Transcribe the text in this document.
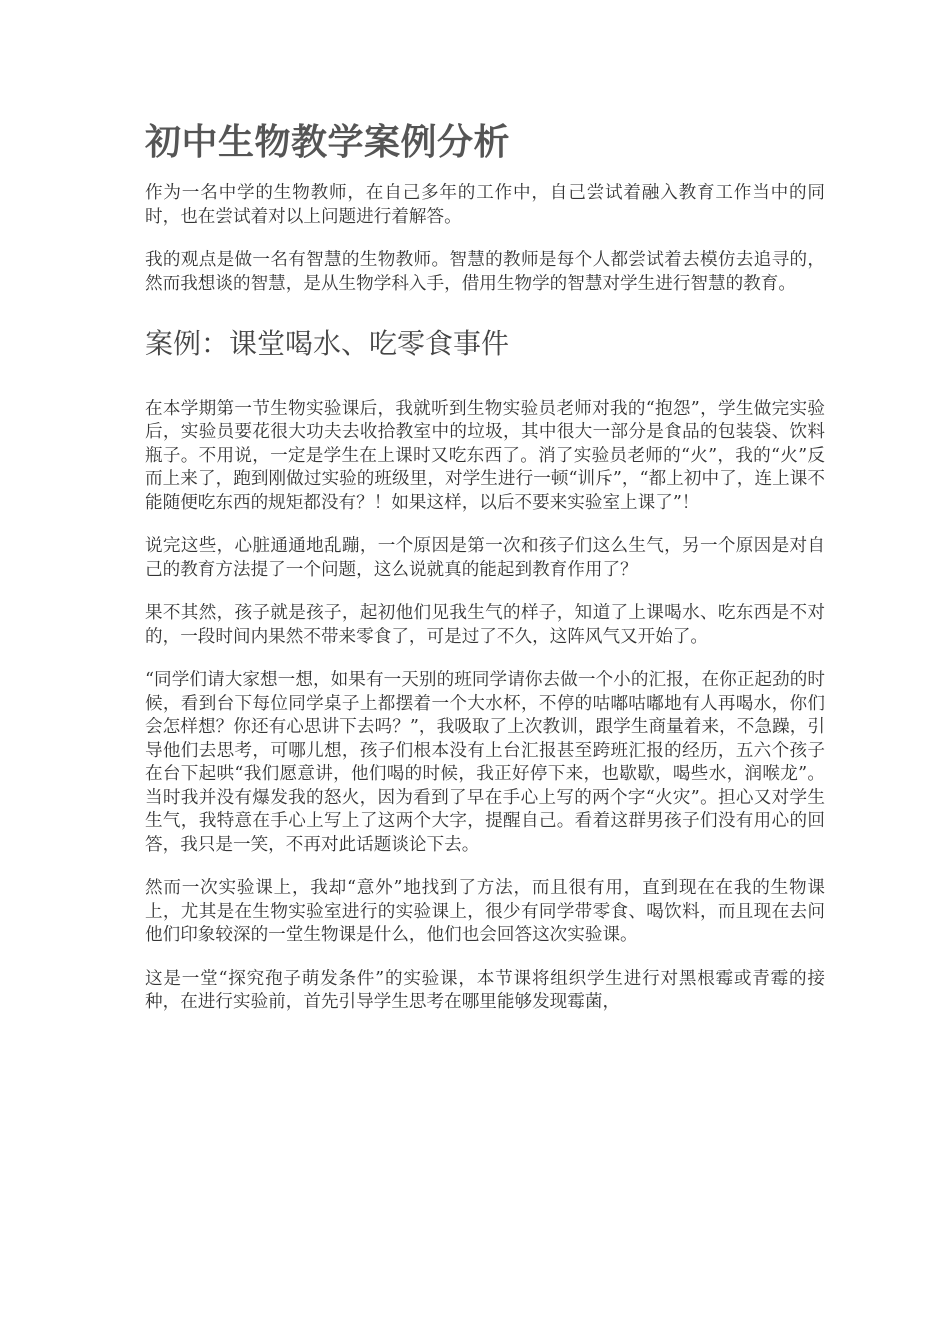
初中生物教学案例分析

作为一名中学的生物教师，在自己多年的工作中，自己尝试着融入教育工作当中的同时，也在尝试着对以上问题进行着解答。

我的观点是做一名有智慧的生物教师。智慧的教师是每个人都尝试着去模仿去追寻的，然而我想谈的智慧，是从生物学科入手，借用生物学的智慧对学生进行智慧的教育。

案例：课堂喝水、吃零食事件

在本学期第一节生物实验课后，我就听到生物实验员老师对我的“抱怨”，学生做完实验后，实验员要花很大功夫去收拾教室中的垃圾，其中很大一部分是食品的包装袋、饮料瓶子。不用说，一定是学生在上课时又吃东西了。消了实验员老师的“火”，我的“火”反而上来了，跑到刚做过实验的班级里，对学生进行一顿“训斥”，“都上初中了，连上课不能随便吃东西的规矩都没有？！如果这样，以后不要来实验室上课了”！

说完这些，心脏通通地乱蹦，一个原因是第一次和孩子们这么生气，另一个原因是对自己的教育方法提了一个问题，这么说就真的能起到教育作用了？

果不其然，孩子就是孩子，起初他们见我生气的样子，知道了上课喝水、吃东西是不对的，一段时间内果然不带来零食了，可是过了不久，这阵风气又开始了。

“同学们请大家想一想，如果有一天别的班同学请你去做一个小的汇报，在你正起劲的时候，看到台下每位同学桌子上都摆着一个大水杯，不停的咕嘟咕嘟地有人再喝水，你们会怎样想？你还有心思讲下去吗？”，我吸取了上次教训，跟学生商量着来，不急躁，引导他们去思考，可哪儿想，孩子们根本没有上台汇报甚至跨班汇报的经历，五六个孩子在台下起哄“我们愿意讲，他们喝的时候，我正好停下来，也歇歇，喝些水，润喉龙”。当时我并没有爆发我的怒火，因为看到了早在手心上写的两个字“火灾”。担心又对学生生气，我特意在手心上写上了这两个大字，提醒自己。看着这群男孩子们没有用心的回答，我只是一笑，不再对此话题谈论下去。

然而一次实验课上，我却“意外”地找到了方法，而且很有用，直到现在在我的生物课上，尤其是在生物实验室进行的实验课上，很少有同学带零食、喝饮料，而且现在去问他们印象较深的一堂生物课是什么，他们也会回答这次实验课。

这是一堂“探究孢子萌发条件”的实验课，本节课将组织学生进行对黑根霉或青霉的接种，在进行实验前，首先引导学生思考在哪里能够发现霉菌，
